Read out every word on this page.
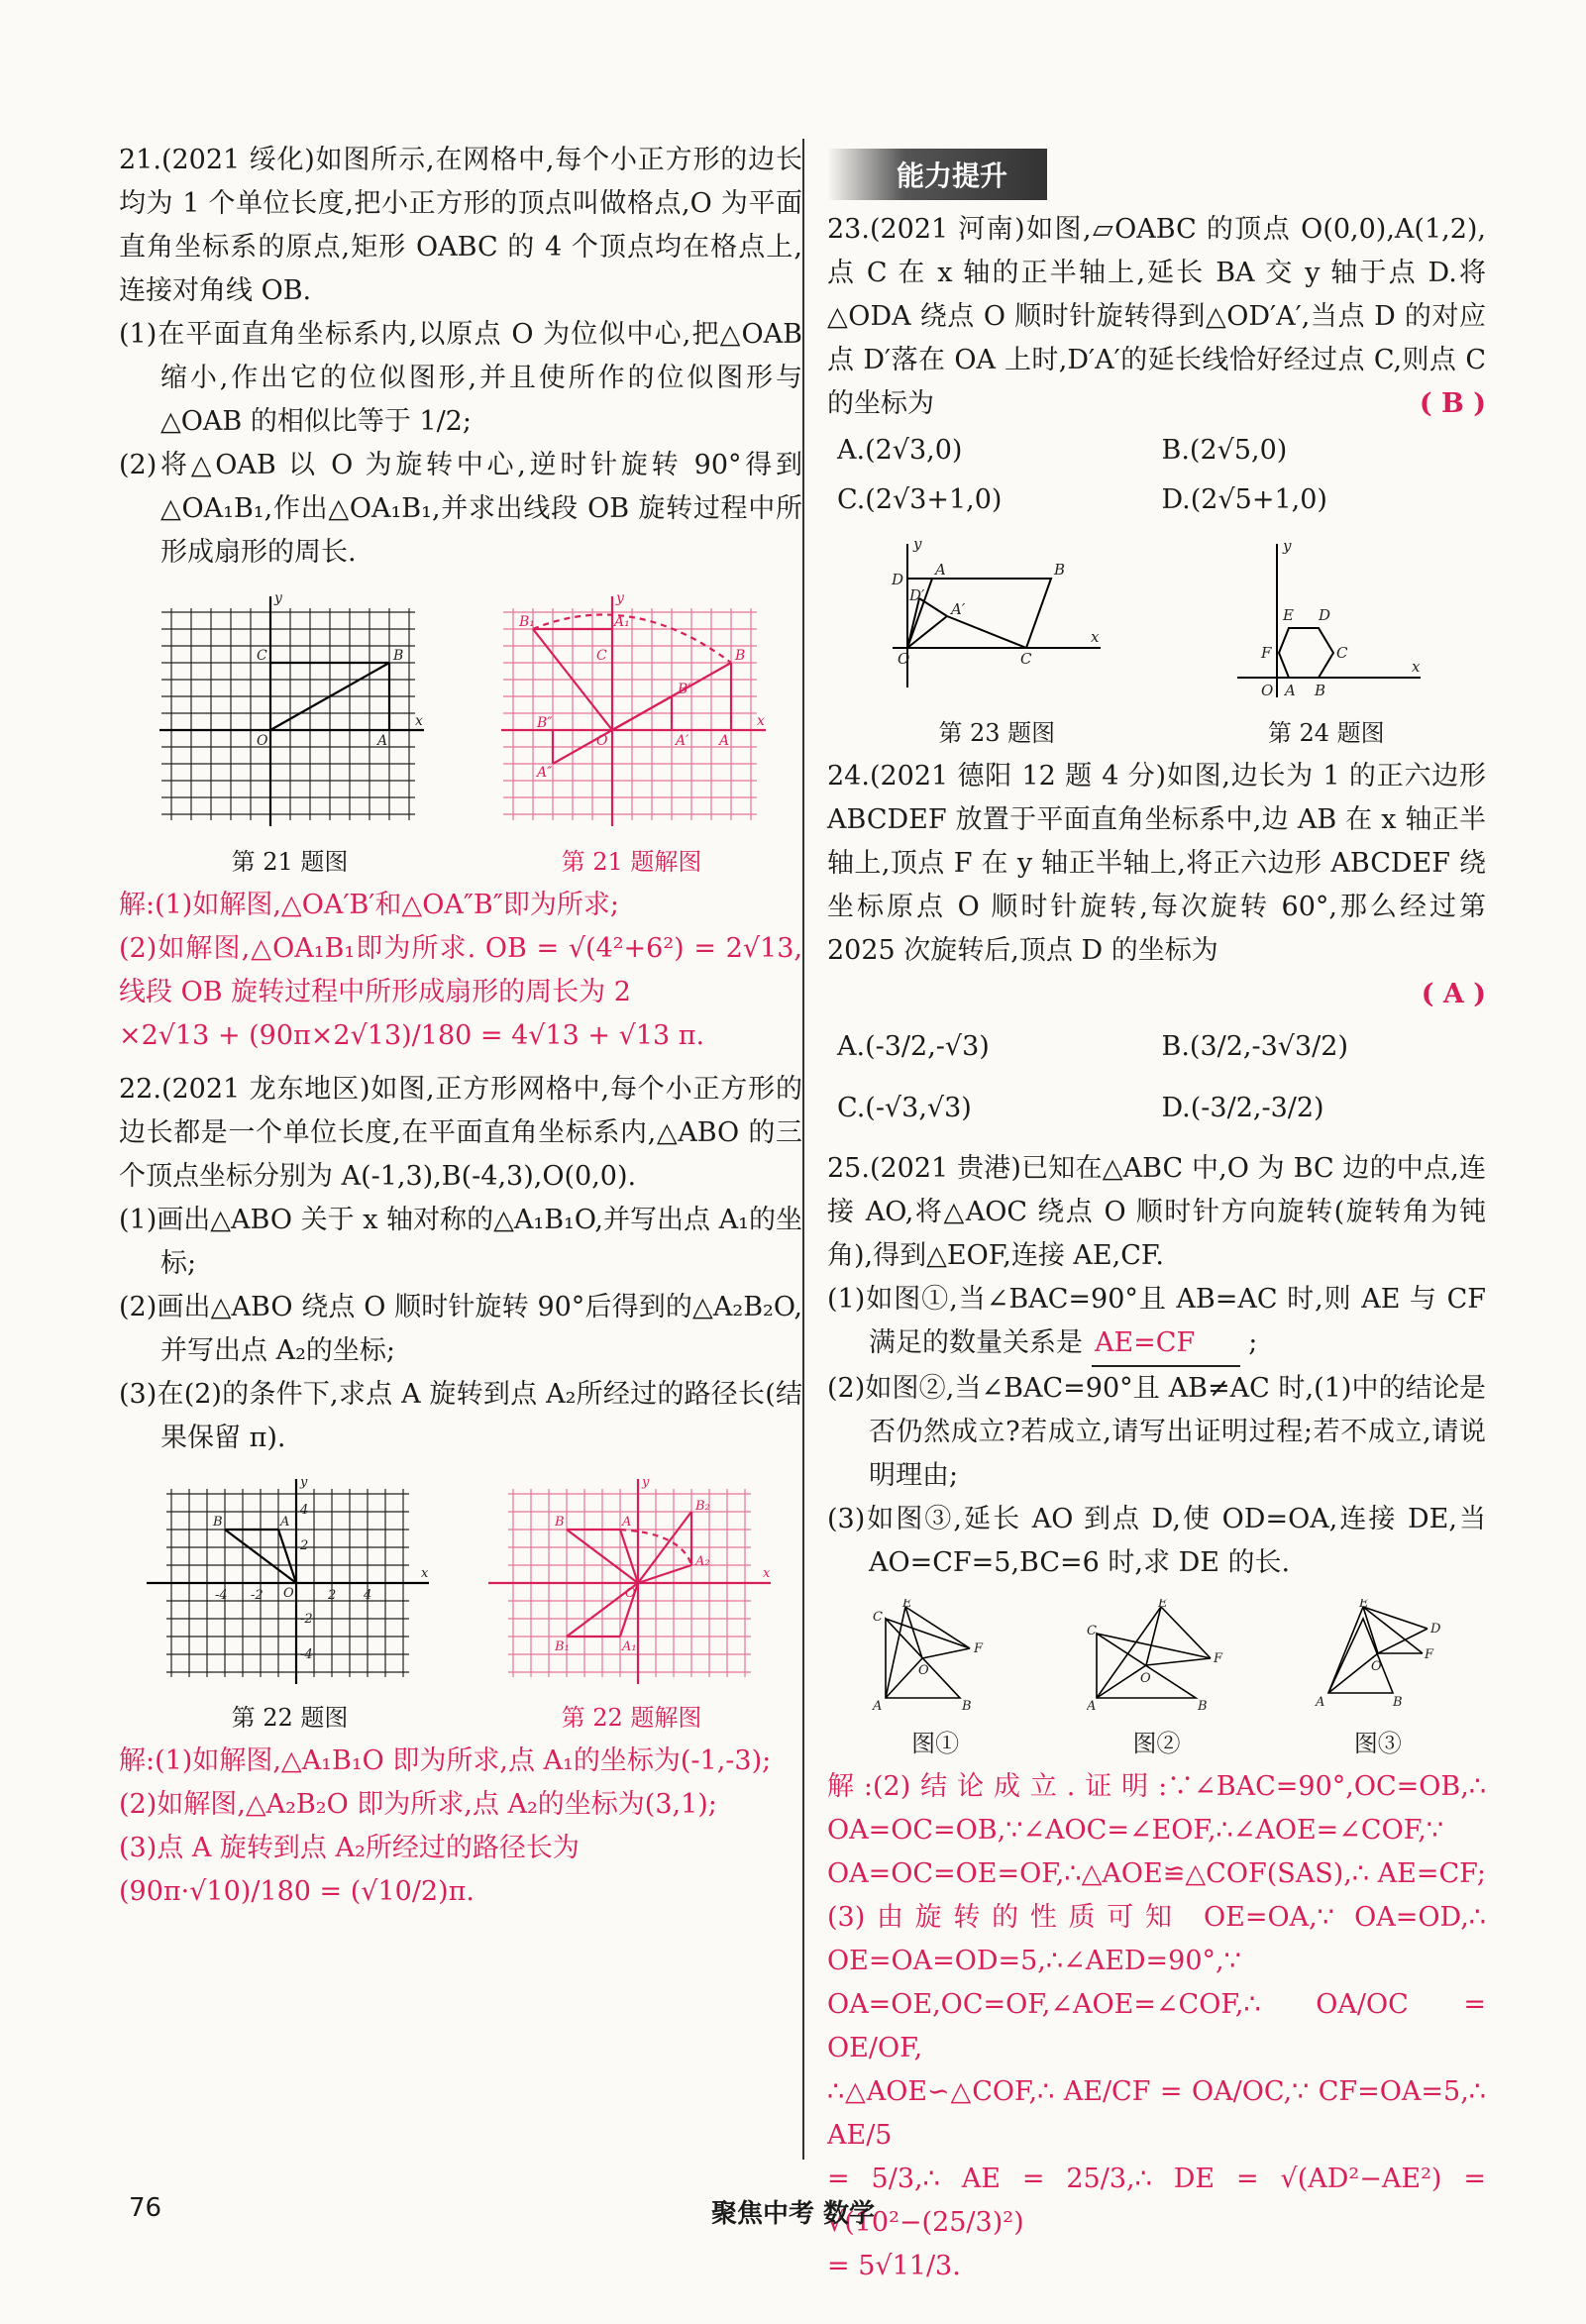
21.(2021 绥化)如图所示,在网格中,每个小正方形的边长均为 1 个单位长度,把小正方形的顶点叫做格点,O 为平面直角坐标系的原点,矩形 OABC 的 4 个顶点均在格点上,连接对角线 OB.

(1)在平面直角坐标系内,以原点 O 为位似中心,把△OAB 缩小,作出它的位似图形,并且使所作的位似图形与△OAB 的相似比等于 1/2;

(2)将△OAB 以 O 为旋转中心,逆时针旋转 90°得到△OA₁B₁,作出△OA₁B₁,并求出线段 OB 旋转过程中所形成扇形的周长.

y
x
O	A
C	B
第 21 题图
y
x
O	A
B
B₁	A₁
B′
A′
A″
B″
C
第 21 题解图

解:(1)如解图,△OA′B′和△OA″B″即为所求;

(2)如解图,△OA₁B₁即为所求. OB = √(4²+6²) = 2√13,线段 OB 旋转过程中所形成扇形的周长为 2

×2√13 + (90π×2√13)/180 = 4√13 + √13 π.

22.(2021 龙东地区)如图,正方形网格中,每个小正方形的边长都是一个单位长度,在平面直角坐标系内,△ABO 的三个顶点坐标分别为 A(-1,3),B(-4,3),O(0,0).

(1)画出△ABO 关于 x 轴对称的△A₁B₁O,并写出点 A₁的坐标;

(2)画出△ABO 绕点 O 顺时针旋转 90°后得到的△A₂B₂O,并写出点 A₂的坐标;

(3)在(2)的条件下,求点 A 旋转到点 A₂所经过的路径长(结果保留 π).

y
x
O
B	A
-4 -2	2 4
4
2
-2
-4
第 22 题图
y
x
O
B	A
B₁	A₁
B₂
A₂
第 22 题解图

解:(1)如解图,△A₁B₁O 即为所求,点 A₁的坐标为(-1,-3);

(2)如解图,△A₂B₂O 即为所求,点 A₂的坐标为(3,1);

(3)点 A 旋转到点 A₂所经过的路径长为

(90π·√10)/180 = (√10/2)π.

能力提升

23.(2021 河南)如图,▱OABC 的顶点 O(0,0),A(1,2),点 C 在 x 轴的正半轴上,延长 BA 交 y 轴于点 D.将△ODA 绕点 O 顺时针旋转得到△OD′A′,当点 D 的对应点 D′落在 OA 上时,D′A′的延长线恰好经过点 C,则点 C 的坐标为	( B )

A.(2√3,0)	B.(2√5,0)
C.(2√3+1,0)	D.(2√5+1,0)
y
x
D
A	B
D′
A′
O	C
第 23 题图
y
x
E D
C
F
O A B
第 24 题图

24.(2021 德阳 12 题 4 分)如图,边长为 1 的正六边形 ABCDEF 放置于平面直角坐标系中,边 AB 在 x 轴正半轴上,顶点 F 在 y 轴正半轴上,将正六边形 ABCDEF 绕坐标原点 O 顺时针旋转,每次旋转 60°,那么经过第 2025 次旋转后,顶点 D 的坐标为

( A )

A.(-3/2,-√3)	B.(3/2,-3√3/2)
C.(-√3,√3)	D.(-3/2,-3/2)

25.(2021 贵港)已知在△ABC 中,O 为 BC 边的中点,连接 AO,将△AOC 绕点 O 顺时针方向旋转(旋转角为钝角),得到△EOF,连接 AE,CF.

(1)如图①,当∠BAC=90°且 AB=AC 时,则 AE 与 CF 满足的数量关系是 AE=CF ;

(2)如图②,当∠BAC=90°且 AB≠AC 时,(1)中的结论是否仍然成立?若成立,请写出证明过程;若不成立,请说明理由;

(3)如图③,延长 AO 到点 D,使 OD=OA,连接 DE,当 AO=CF=5,BC=6 时,求 DE 的长.

E
C
F
O
A	B
图①
E
C
F
O
A	B
图②
E
D
F
O
A	B
图③

解:(2)结论成立.证明:∵∠BAC=90°,OC=OB,∴ OA=OC=OB,∵∠AOC=∠EOF,∴∠AOE=∠COF,∵ OA=OC=OE=OF,∴△AOE≌△COF(SAS),∴ AE=CF;(3)由旋转的性质可知 OE=OA,∵ OA=OD,∴ OE=OA=OD=5,∴∠AED=90°,∵ OA=OE,OC=OF,∠AOE=∠COF,∴ OA/OC = OE/OF,

∴△AOE∽△COF,∴ AE/CF = OA/OC,∵ CF=OA=5,∴ AE/5

= 5/3,∴ AE = 25/3,∴ DE = √(AD²−AE²) = √(10²−(25/3)²)

= 5√11/3.

76	聚焦中考 数学
